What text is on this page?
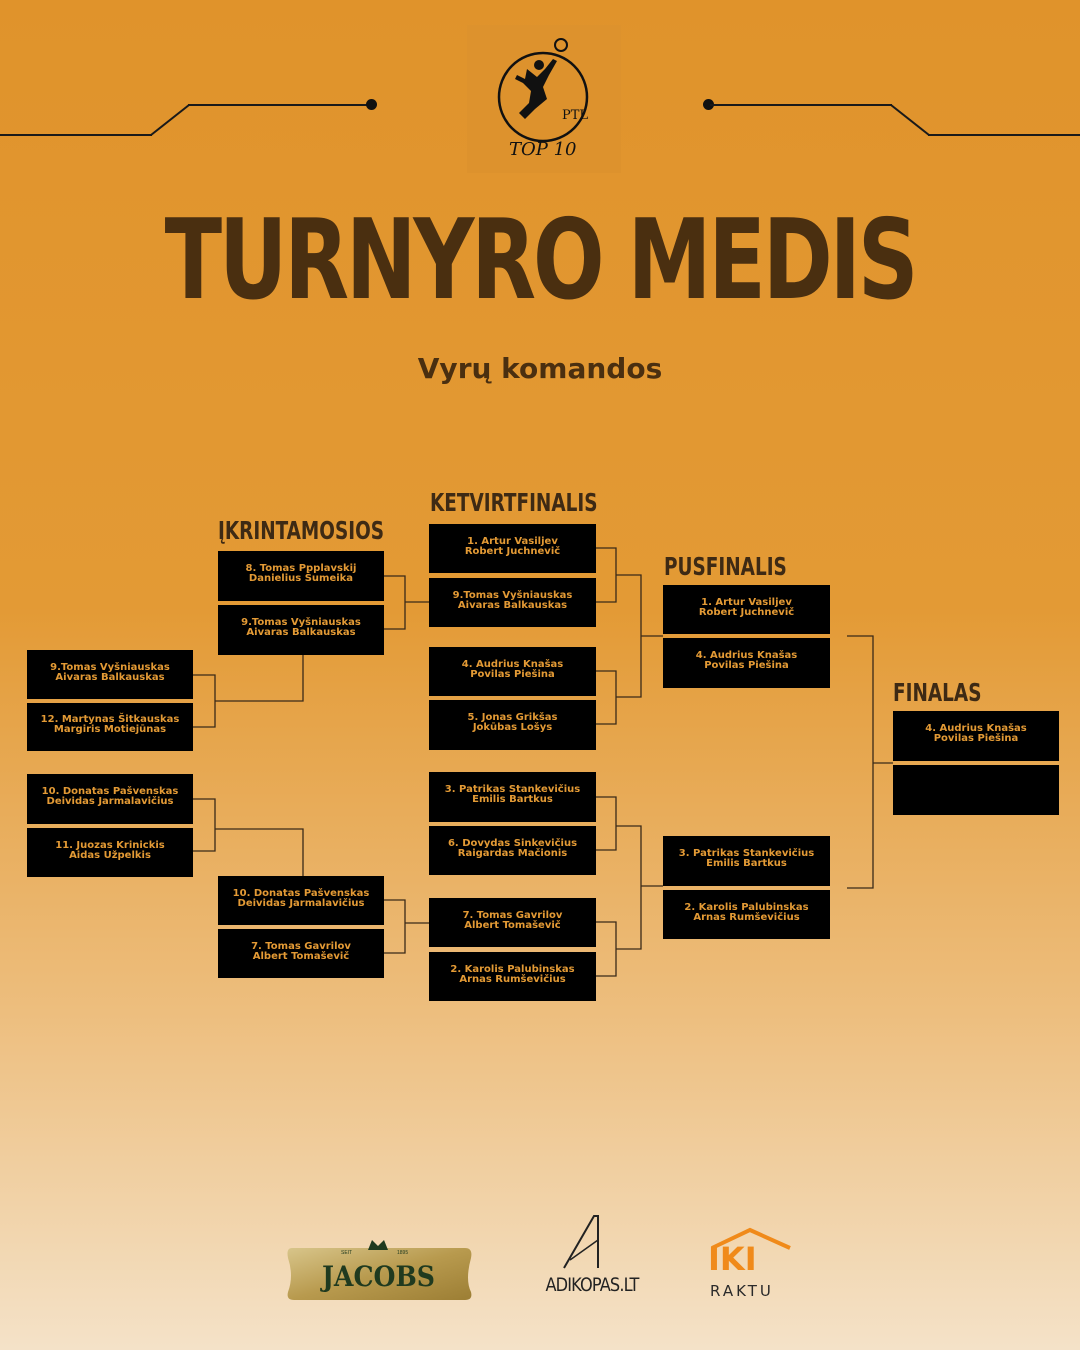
PTL
TOP 10
TURNYRO MEDIS
Vyrų komandos
ĮKRINTAMOSIOS
KETVIRTFINALIS
PUSFINALIS
FINALAS
9.Tomas Vyšniauskas
Aivaras Balkauskas
12. Martynas Šitkauskas
Margiris Motiejūnas
10. Donatas Pašvenskas
Deividas Jarmalavičius
11. Juozas Krinickis
Aidas Užpelkis
8. Tomas Ppplavskij
Danielius Šumeika
9.Tomas Vyšniauskas
Aivaras Balkauskas
10. Donatas Pašvenskas
Deividas Jarmalavičius
7. Tomas Gavrilov
Albert Tomaševič
1. Artur Vasiljev
Robert Juchnevič
9.Tomas Vyšniauskas
Aivaras Balkauskas
4. Audrius Knašas
Povilas Piešina
5. Jonas Grikšas
Jokūbas Lošys
3. Patrikas Stankevičius
Emilis Bartkus
6. Dovydas Sinkevičius
Raigardas Mačionis
7. Tomas Gavrilov
Albert Tomaševič
2. Karolis Palubinskas
Arnas Rumševičius
1. Artur Vasiljev
Robert Juchnevič
4. Audrius Knašas
Povilas Piešina
3. Patrikas Stankevičius
Emilis Bartkus
2. Karolis Palubinskas
Arnas Rumševičius
4. Audrius Knašas
Povilas Piešina
SEIT	1895
JACOBS	ADIKOPAS.LT
IKI
RAKTU
